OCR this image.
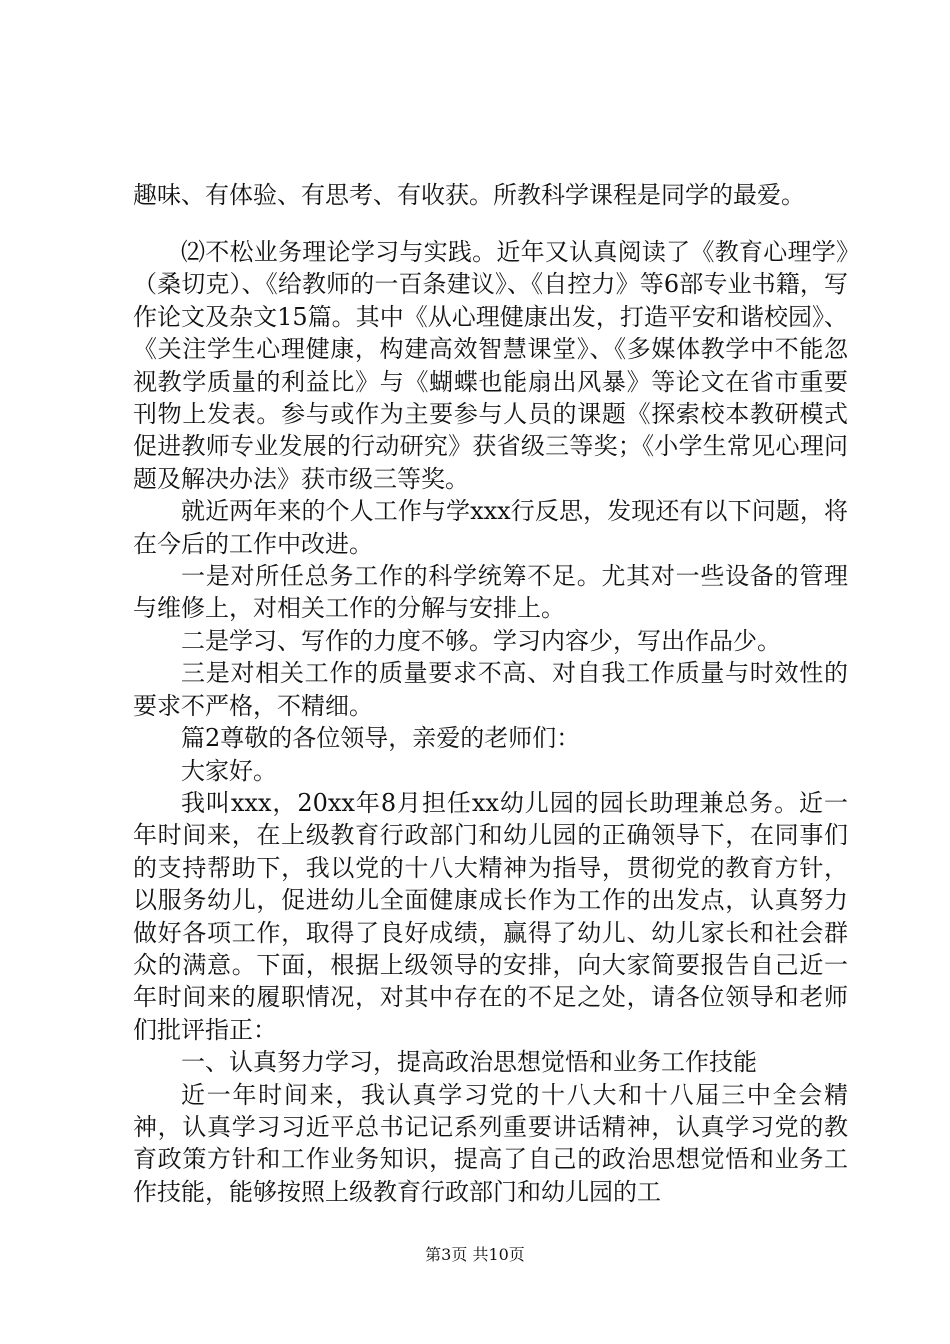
趣味、有体验、有思考、有收获。所教科学课程是同学的最爱。

⑵不松业务理论学习与实践。近年又认真阅读了《教育心理学》（桑切克）、《给教师的一百条建议》、《自控力》等6部专业书籍，写作论文及杂文15篇。其中《从心理健康出发，打造平安和谐校园》、《关注学生心理健康，构建高效智慧课堂》、《多媒体教学中不能忽视教学质量的利益比》与《蝴蝶也能扇出风暴》等论文在省市重要刊物上发表。参与或作为主要参与人员的课题《探索校本教研模式促进教师专业发展的行动研究》获省级三等奖；《小学生常见心理问题及解决办法》获市级三等奖。

就近两年来的个人工作与学xxx行反思，发现还有以下问题，将在今后的工作中改进。

一是对所任总务工作的科学统筹不足。尤其对一些设备的管理与维修上，对相关工作的分解与安排上。

二是学习、写作的力度不够。学习内容少，写出作品少。

三是对相关工作的质量要求不高、对自我工作质量与时效性的要求不严格，不精细。

篇2尊敬的各位领导，亲爱的老师们：

大家好。

我叫xxx，20xx年8月担任xx幼儿园的园长助理兼总务。近一年时间来，在上级教育行政部门和幼儿园的正确领导下，在同事们的支持帮助下，我以党的十八大精神为指导，贯彻党的教育方针，以服务幼儿，促进幼儿全面健康成长作为工作的出发点，认真努力做好各项工作，取得了良好成绩，赢得了幼儿、幼儿家长和社会群众的满意。下面，根据上级领导的安排，向大家简要报告自己近一年时间来的履职情况，对其中存在的不足之处，请各位领导和老师们批评指正：

一、认真努力学习，提高政治思想觉悟和业务工作技能

近一年时间来，我认真学习党的十八大和十八届三中全会精神，认真学习习近平总书记记系列重要讲话精神，认真学习党的教育政策方针和工作业务知识，提高了自己的政治思想觉悟和业务工作技能，能够按照上级教育行政部门和幼儿园的工

第3页 共10页
